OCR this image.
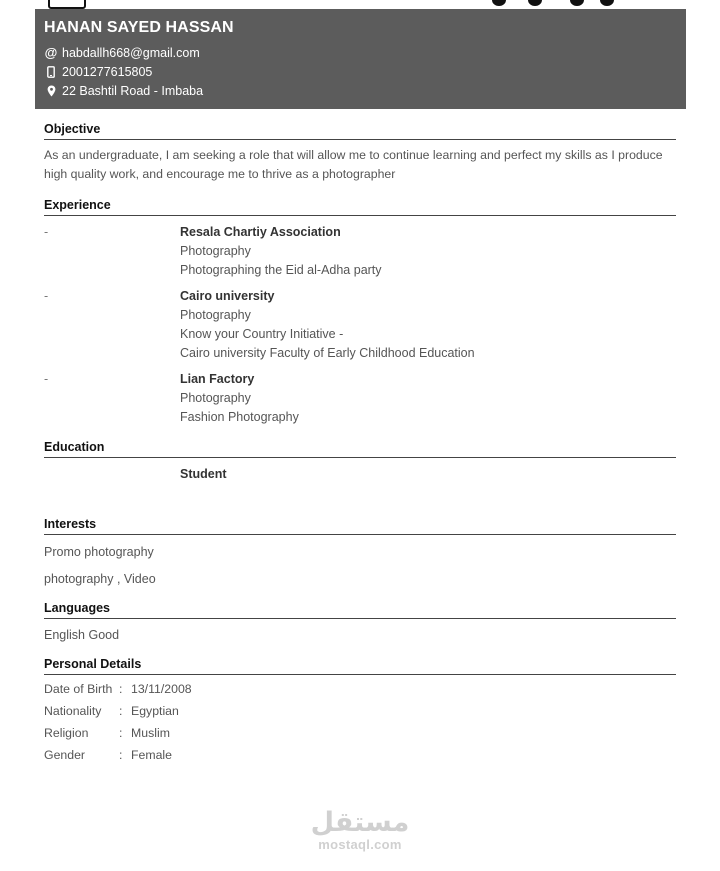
HANAN SAYED HASSAN
@ habdallh668@gmail.com
2001277615805
22 Bashtil Road - Imbaba
Objective
As an undergraduate, I am seeking a role that will allow me to continue learning and perfect my skills as I produce high quality work, and encourage me to thrive as a photographer
Experience
-	Resala Chartiy Association
Photography
Photographing the Eid al-Adha party
-	Cairo university
Photography
Know your Country Initiative -
Cairo university Faculty of Early Childhood Education
-	Lian Factory
Photography
Fashion Photography
Education
Student
Interests
Promo photography
photography , Video
Languages
English Good
Personal Details
Date of Birth : 13/11/2008
Nationality	: Egyptian
Religion	: Muslim
Gender	: Female
مستقل
mostaql.com
